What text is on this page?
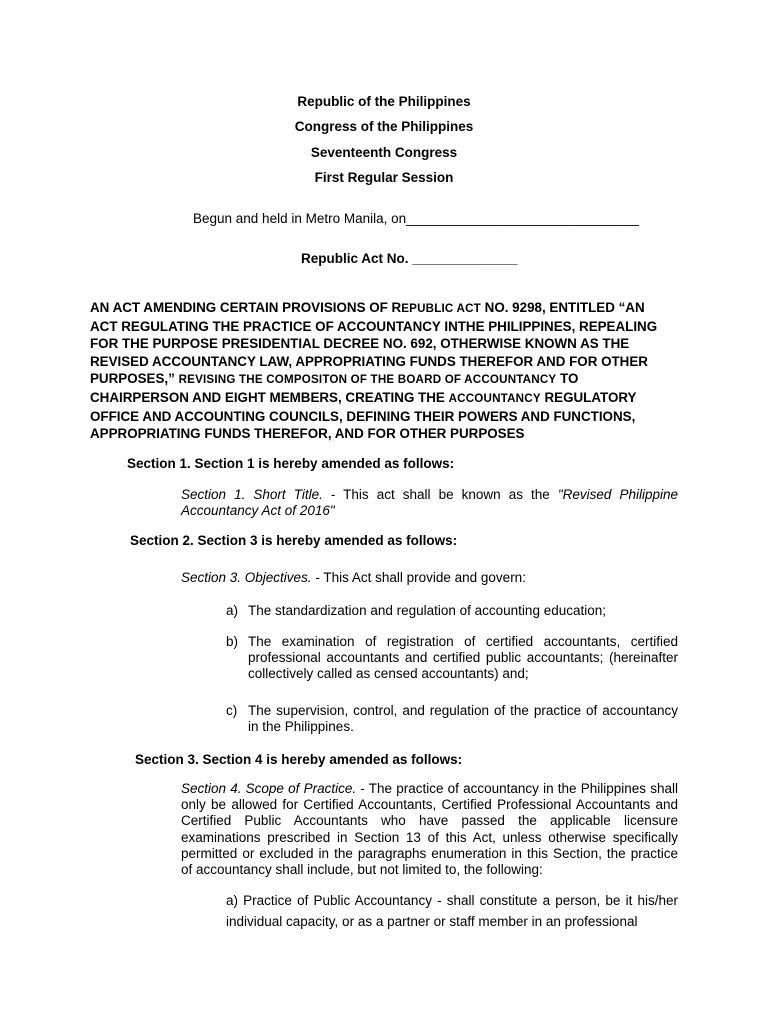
Republic of the Philippines
Congress of the Philippines
Seventeenth Congress
First Regular Session
Begun and held in Metro Manila, on_______________________________
Republic Act No. ______________
AN ACT AMENDING CERTAIN PROVISIONS OF REPUBLIC ACT NO. 9298, ENTITLED “AN
ACT REGULATING THE PRACTICE OF ACCOUNTANCY INTHE PHILIPPINES, REPEALING
FOR THE PURPOSE PRESIDENTIAL DECREE NO. 692, OTHERWISE KNOWN AS THE
REVISED ACCOUNTANCY LAW, APPROPRIATING FUNDS THEREFOR AND FOR OTHER
PURPOSES,” REVISING THE COMPOSITON OF THE BOARD OF ACCOUNTANCY TO
CHAIRPERSON AND EIGHT MEMBERS, CREATING THE ACCOUNTANCY REGULATORY
OFFICE AND ACCOUNTING COUNCILS, DEFINING THEIR POWERS AND FUNCTIONS,
APPROPRIATING FUNDS THEREFOR, AND FOR OTHER PURPOSES
Section 1. Section 1 is hereby amended as follows:
Section 1. Short Title. - This act shall be known as the "Revised Philippine Accountancy Act of 2016"
Section 2. Section 3 is hereby amended as follows:
Section 3. Objectives. - This Act shall provide and govern:
a) The standardization and regulation of accounting education;
b) The examination of registration of certified accountants, certified professional accountants and certified public accountants; (hereinafter collectively called as censed accountants) and;
c) The supervision, control, and regulation of the practice of accountancy in the Philippines.
Section 3. Section 4 is hereby amended as follows:
Section 4. Scope of Practice. - The practice of accountancy in the Philippines shall only be allowed for Certified Accountants, Certified Professional Accountants and Certified Public Accountants who have passed the applicable licensure examinations prescribed in Section 13 of this Act, unless otherwise specifically permitted or excluded in the paragraphs enumeration in this Section, the practice of accountancy shall include, but not limited to, the following:
a) Practice of Public Accountancy - shall constitute a person, be it his/her individual capacity, or as a partner or staff member in an professional
